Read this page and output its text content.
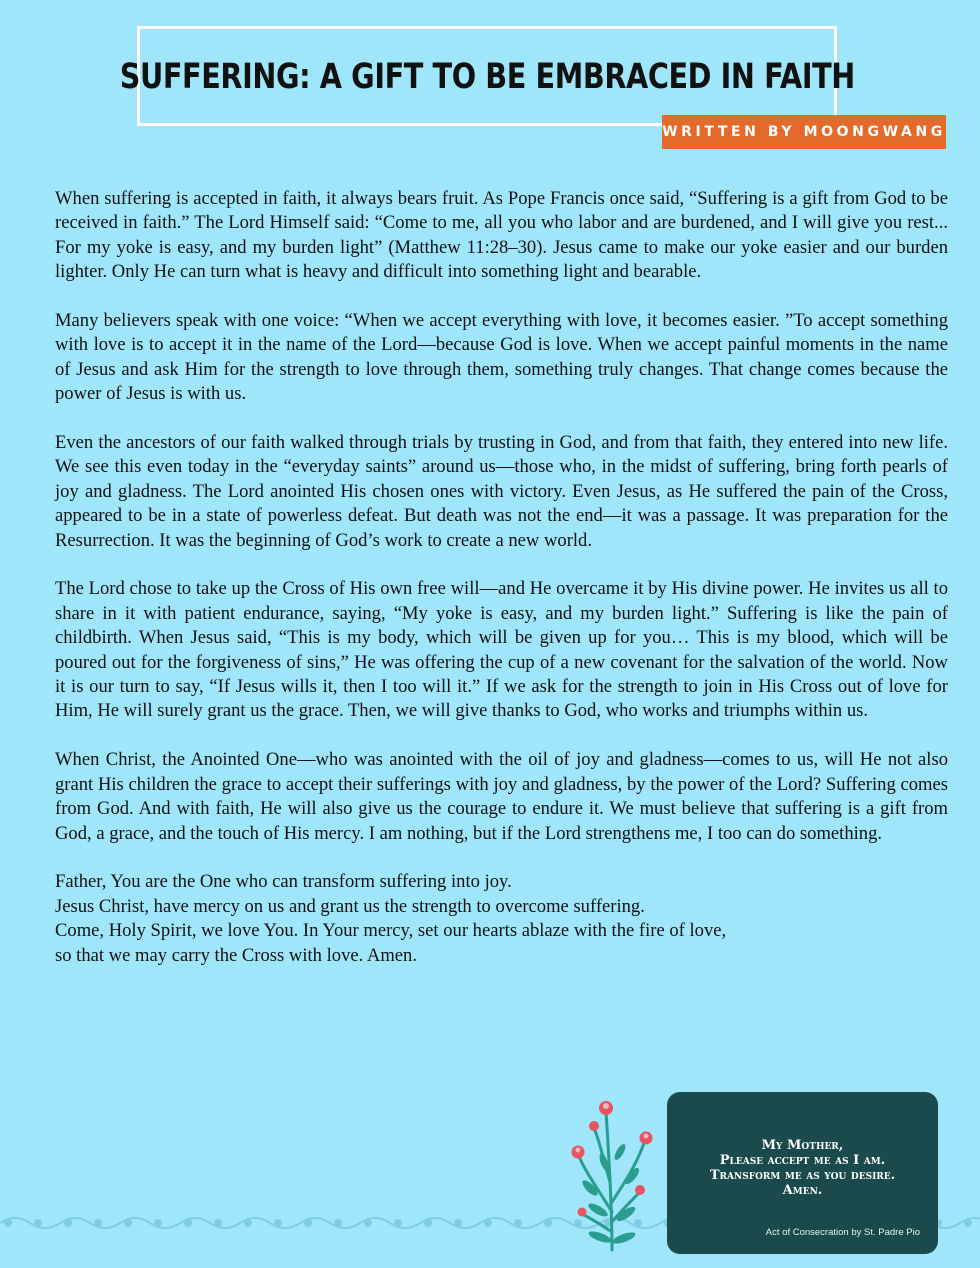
SUFFERING: A GIFT TO BE EMBRACED IN FAITH
WRITTEN BY MOONGWANG

When suffering is accepted in faith, it always bears fruit. As Pope Francis once said, “Suffering is a gift from God to be received in faith.” The Lord Himself said: “Come to me, all you who labor and are burdened, and I will give you rest... For my yoke is easy, and my burden light” (Matthew 11:28–30). Jesus came to make our yoke easier and our burden lighter. Only He can turn what is heavy and difficult into something light and bearable.

Many believers speak with one voice: “When we accept everything with love, it becomes easier. ”To accept something with love is to accept it in the name of the Lord—because God is love. When we accept painful moments in the name of Jesus and ask Him for the strength to love through them, something truly changes. That change comes because the power of Jesus is with us.

Even the ancestors of our faith walked through trials by trusting in God, and from that faith, they entered into new life. We see this even today in the “everyday saints” around us—those who, in the midst of suffering, bring forth pearls of joy and gladness. The Lord anointed His chosen ones with victory. Even Jesus, as He suffered the pain of the Cross, appeared to be in a state of powerless defeat. But death was not the end—it was a passage. It was preparation for the Resurrection. It was the beginning of God’s work to create a new world.

The Lord chose to take up the Cross of His own free will—and He overcame it by His divine power. He invites us all to share in it with patient endurance, saying, “My yoke is easy, and my burden light.” Suffering is like the pain of childbirth. When Jesus said, “This is my body, which will be given up for you… This is my blood, which will be poured out for the forgiveness of sins,” He was offering the cup of a new covenant for the salvation of the world. Now it is our turn to say, “If Jesus wills it, then I too will it.” If we ask for the strength to join in His Cross out of love for Him, He will surely grant us the grace. Then, we will give thanks to God, who works and triumphs within us.

When Christ, the Anointed One—who was anointed with the oil of joy and gladness—comes to us, will He not also grant His children the grace to accept their sufferings with joy and gladness, by the power of the Lord? Suffering comes from God. And with faith, He will also give us the courage to endure it. We must believe that suffering is a gift from God, a grace, and the touch of His mercy. I am nothing, but if the Lord strengthens me, I too can do something.

Father, You are the One who can transform suffering into joy.
Jesus Christ, have mercy on us and grant us the strength to overcome suffering.
Come, Holy Spirit, we love You. In Your mercy, set our hearts ablaze with the fire of love,
so that we may carry the Cross with love. Amen.
My Mother,
Please accept me as I am.
Transform me as you desire.
Amen.
Act of Consecration by St. Padre Pio
